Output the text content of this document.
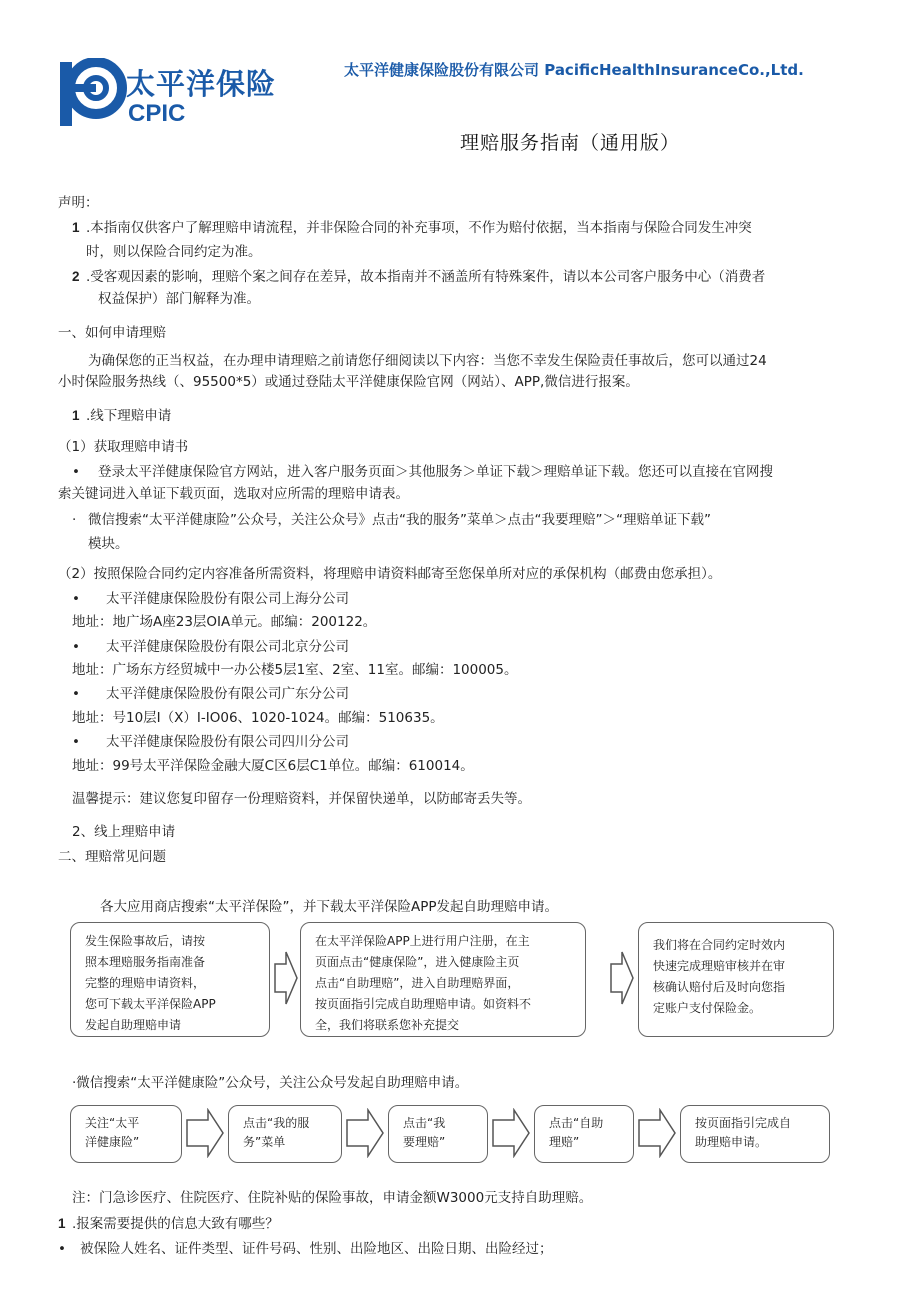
太平洋保险
CPIC
太平洋健康保险股份有限公司 PacificHealthInsuranceCo.,Ltd.
理赔服务指南（通用版）
声明：
1 .本指南仅供客户了解理赔申请流程，并非保险合同的补充事项，不作为赔付依据，当本指南与保险合同发生冲突
时，则以保险合同约定为准。
2 .受客观因素的影响，理赔个案之间存在差异，故本指南并不涵盖所有特殊案件，请以本公司客户服务中心（消费者
权益保护）部门解释为准。
一、如何申请理赔
为确保您的正当权益，在办理申请理赔之前请您仔细阅读以下内容：当您不幸发生保险责任事故后，您可以通过24
小时保险服务热线（、95500*5）或通过登陆太平洋健康保险官网（网站）、APP,微信进行报案。
1 .线下理赔申请
（1）获取理赔申请书
• 登录太平洋健康保险官方网站，进入客户服务页面＞其他服务＞单证下载＞理赔单证下载。您还可以直接在官网搜
索关键词进入单证下载页面，选取对应所需的理赔申请表。
· 微信搜索“太平洋健康险”公众号，关注公众号》点击“我的服务”菜单＞点击“我要理赔”＞“理赔单证下载”
模块。
（2）按照保险合同约定内容准备所需资料，将理赔申请资料邮寄至您保单所对应的承保机构（邮费由您承担）。
• 太平洋健康保险股份有限公司上海分公司
地址：地广场A座23层OIA单元。邮编：200122。
• 太平洋健康保险股份有限公司北京分公司
地址：广场东方经贸城中一办公楼5层1室、2室、11室。邮编：100005。
• 太平洋健康保险股份有限公司广东分公司
地址：号10层I（X）I-IO06、1020-1024。邮编：510635。
• 太平洋健康保险股份有限公司四川分公司
地址：99号太平洋保险金融大厦C区6层C1单位。邮编：610014。
温馨提示：建议您复印留存一份理赔资料，并保留快递单，以防邮寄丢失等。
2、线上理赔申请
二、理赔常见问题
各大应用商店搜索“太平洋保险”，并下载太平洋保险APP发起自助理赔申请。
发生保险事故后，请按
照本理赔服务指南准备
完整的理赔申请资料，
您可下载太平洋保险APP
发起自助理赔申请
在太平洋保险APP上进行用户注册，在主
页面点击“健康保险”，进入健康险主页
点击“自助理赔”，进入自助理赔界面，
按页面指引完成自助理赔申请。如资料不
全，我们将联系您补充提交
我们将在合同约定时效内
快速完成理赔审核并在审
核确认赔付后及时向您指
定账户支付保险金。
·微信搜索“太平洋健康险”公众号，关注公众号发起自助理赔申请。
关注“太平
洋健康险”
点击“我的服
务”菜单
点击“我
要理赔”
点击“自助
理赔”
按页面指引完成自
助理赔申请。
注：门急诊医疗、住院医疗、住院补贴的保险事故，申请金额W3000元支持自助理赔。
1 .报案需要提供的信息大致有哪些？
• 被保险人姓名、证件类型、证件号码、性别、出险地区、出险日期、出险经过；
